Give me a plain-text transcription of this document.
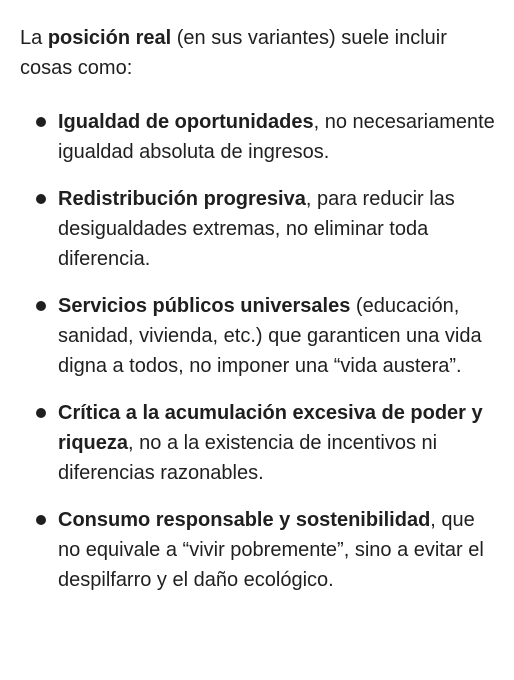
La posición real (en sus variantes) suele incluir cosas como:

Igualdad de oportunidades, no necesariamente igualdad absoluta de ingresos.
Redistribución progresiva, para reducir las desigualdades extremas, no eliminar toda diferencia.
Servicios públicos universales (educación, sanidad, vivienda, etc.) que garanticen una vida digna a todos, no imponer una “vida austera”.
Crítica a la acumulación excesiva de poder y riqueza, no a la existencia de incentivos ni diferencias razonables.
Consumo responsable y sostenibilidad, que no equivale a “vivir pobremente”, sino a evitar el despilfarro y el daño ecológico.
